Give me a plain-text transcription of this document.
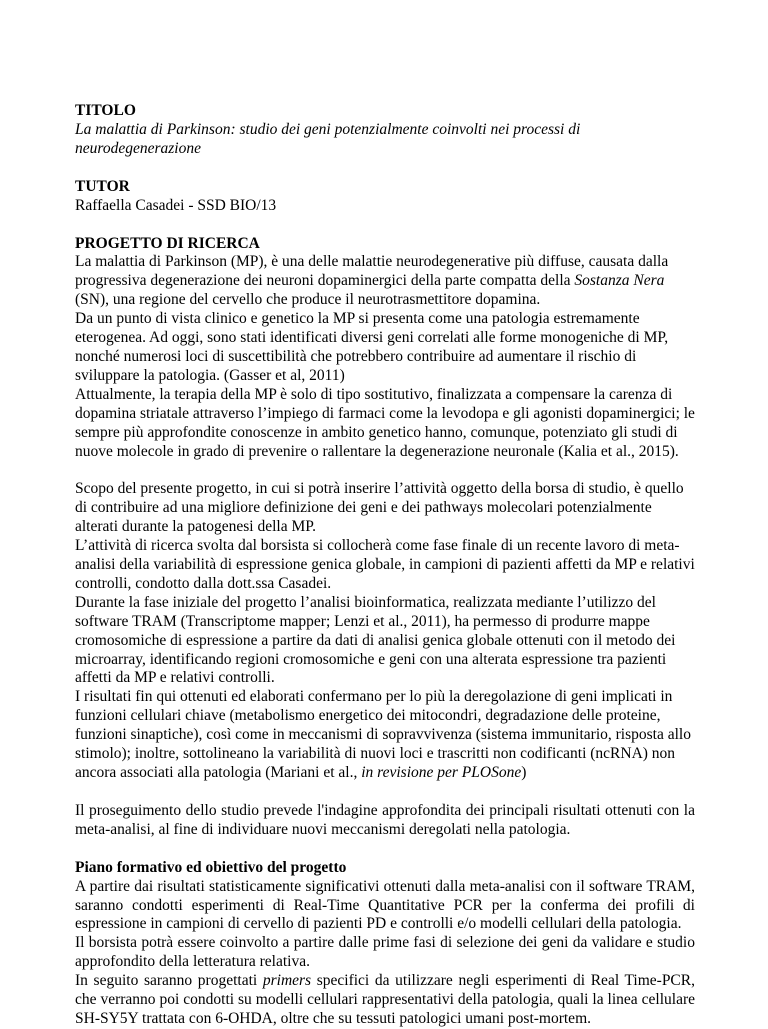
TITOLO
La malattia di Parkinson: studio dei geni potenzialmente coinvolti nei processi di
neurodegenerazione
TUTOR
Raffaella Casadei - SSD BIO/13
PROGETTO DI RICERCA
La malattia di Parkinson (MP), è una delle malattie neurodegenerative più diffuse, causata dalla
progressiva degenerazione dei neuroni dopaminergici della parte compatta della Sostanza Nera
(SN), una regione del cervello che produce il neurotrasmettitore dopamina.
Da un punto di vista clinico e genetico la MP si presenta come una patologia estremamente
eterogenea. Ad oggi, sono stati identificati diversi geni correlati alle forme monogeniche di MP,
nonché numerosi loci di suscettibilità che potrebbero contribuire ad aumentare il rischio di
sviluppare la patologia. (Gasser et al, 2011)
Attualmente, la terapia della MP è solo di tipo sostitutivo, finalizzata a compensare la carenza di
dopamina striatale attraverso l’impiego di farmaci come la levodopa e gli agonisti dopaminergici; le
sempre più approfondite conoscenze in ambito genetico hanno, comunque, potenziato gli studi di
nuove molecole in grado di prevenire o rallentare la degenerazione neuronale (Kalia et al., 2015).
Scopo del presente progetto, in cui si potrà inserire l’attività oggetto della borsa di studio, è quello
di contribuire ad una migliore definizione dei geni e dei pathways molecolari potenzialmente
alterati durante la patogenesi della MP.
L’attività di ricerca svolta dal borsista si collocherà come fase finale di un recente lavoro di meta-
analisi della variabilità di espressione genica globale, in campioni di pazienti affetti da MP e relativi
controlli, condotto dalla dott.ssa Casadei.
Durante la fase iniziale del progetto l’analisi bioinformatica, realizzata mediante l’utilizzo del
software TRAM (Transcriptome mapper; Lenzi et al., 2011), ha permesso di produrre mappe
cromosomiche di espressione a partire da dati di analisi genica globale ottenuti con il metodo dei
microarray, identificando regioni cromosomiche e geni con una alterata espressione tra pazienti
affetti da MP e relativi controlli.
I risultati fin qui ottenuti ed elaborati confermano per lo più la deregolazione di geni implicati in
funzioni cellulari chiave (metabolismo energetico dei mitocondri, degradazione delle proteine,
funzioni sinaptiche), così come in meccanismi di sopravvivenza (sistema immunitario, risposta allo
stimolo); inoltre, sottolineano la variabilità di nuovi loci e trascritti non codificanti (ncRNA) non
ancora associati alla patologia (Mariani et al., in revisione per PLOSone)
Il proseguimento dello studio prevede l'indagine approfondita dei principali risultati ottenuti con la
meta-analisi, al fine di individuare nuovi meccanismi deregolati nella patologia.
Piano formativo ed obiettivo del progetto
A partire dai risultati statisticamente significativi ottenuti dalla meta-analisi con il software TRAM,
saranno condotti esperimenti di Real-Time Quantitative PCR per la conferma dei profili di
espressione in campioni di cervello di pazienti PD e controlli e/o modelli cellulari della patologia.
Il borsista potrà essere coinvolto a partire dalle prime fasi di selezione dei geni da validare e studio
approfondito della letteratura relativa.
In seguito saranno progettati primers specifici da utilizzare negli esperimenti di Real Time-PCR,
che verranno poi condotti su modelli cellulari rappresentativi della patologia, quali la linea cellulare
SH-SY5Y trattata con 6-OHDA, oltre che su tessuti patologici umani post-mortem.
